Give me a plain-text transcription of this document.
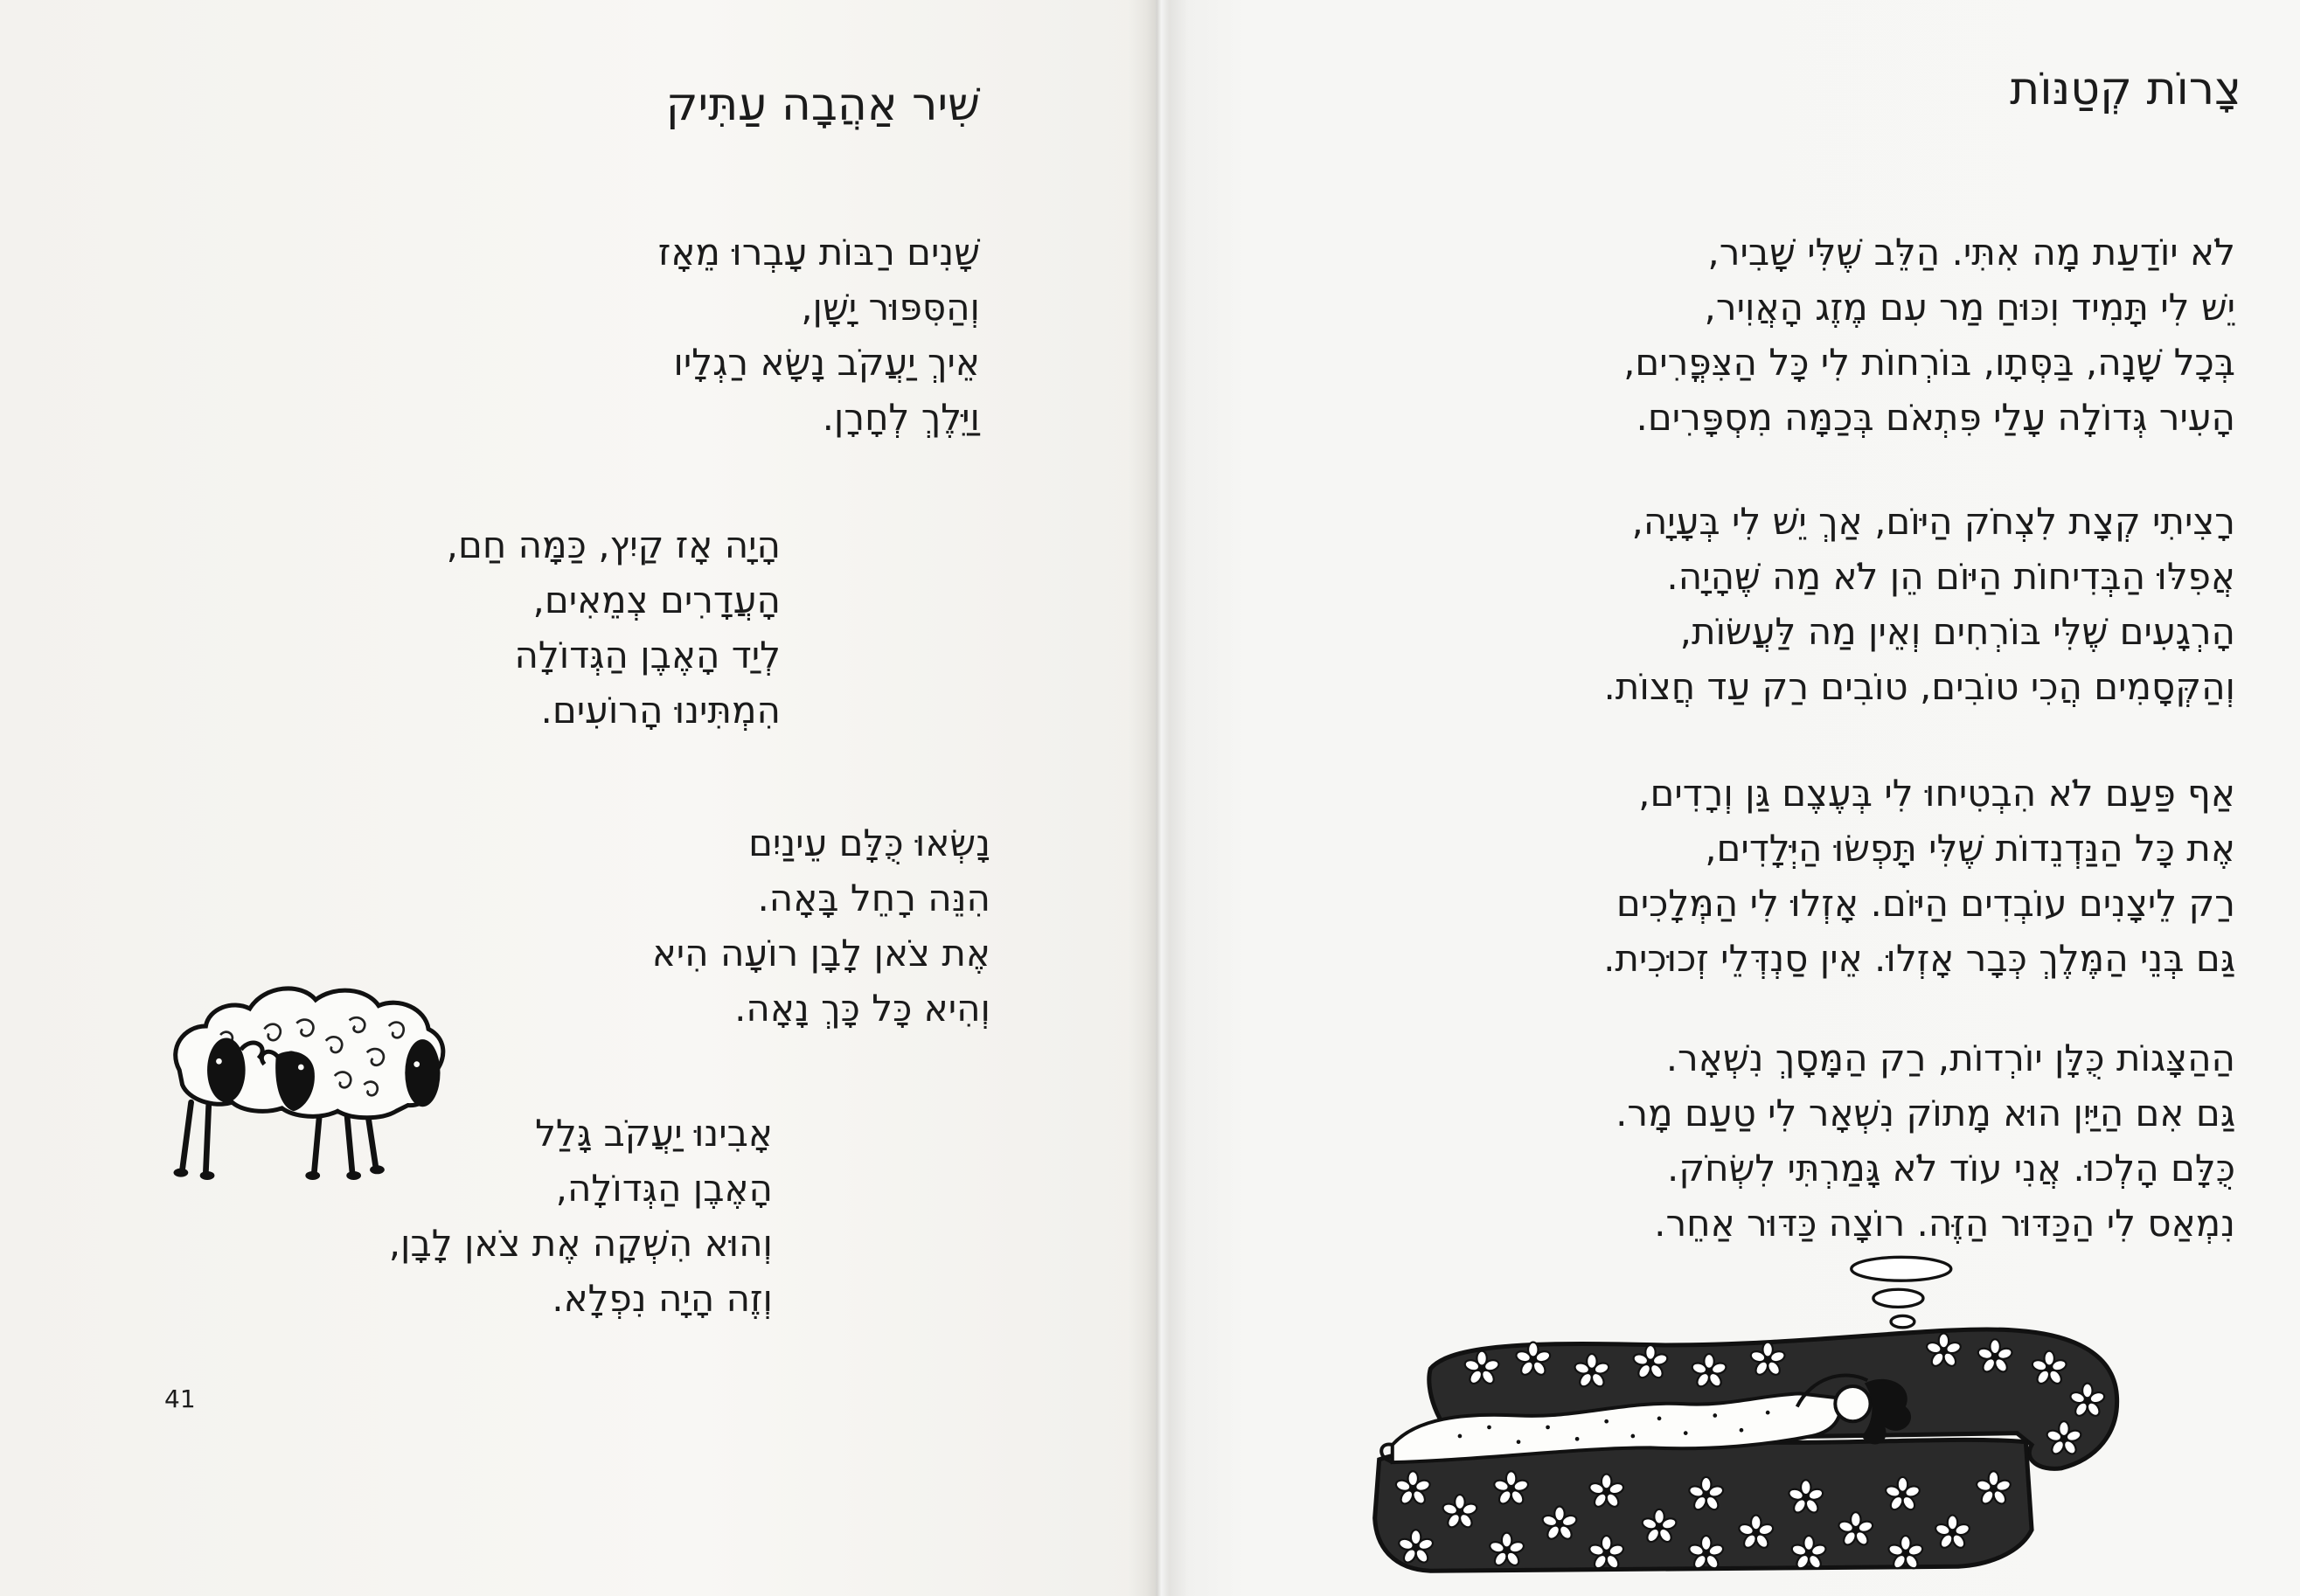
שִׁיר אַהֲבָה עַתִּיק
שָׁנִים רַבּוֹת עָבְרוּ מֵאָז
וְהַסִּפּוּר יָשָׁן,
אֵיךְ יַעֲקֹב נָשָׂא רַגְלָיו
וַיֵּלֶךְ לְחָרָן.
הָיָה אָז קַיִץ, כַּמָּה חַם,
הָעֲדָרִים צְמֵאִים,
לְיַד הָאֶבֶן הַגְּדוֹלָה
הִמְתִּינוּ הָרוֹעִים.
נָשְׂאוּ כֻּלָּם עֵינַיִם
הִנֵּה רָחֵל בָּאָה.
אֶת צֹאן לָבָן רוֹעָה הִיא
וְהִיא כָּל כָּךְ נָאָה.
אָבִינוּ יַעֲקֹב גָּלַל
הָאֶבֶן הַגְּדוֹלָה,
וְהוּא הִשְׁקָה אֶת צֹאן לָבָן,
וְזֶה הָיָה נִפְלָא.
41
צָרוֹת קְטַנּוֹת
לֹא יוֹדַעַת מָה אִתִּי. הַלֵּב שֶׁלִּי שָׁבִיר,
יֵשׁ לִי תָּמִיד וִכּוּחַ מַר עִם מֶזֶג הָאֲוִיר,
בְּכָל שָׁנָה, בַּסְּתָו, בּוֹרְחוֹת לִי כָּל הַצִּפֳּרִים,
הָעִיר גְּדוֹלָה עָלַי פִּתְאֹם בְּכַמָּה מִסְפָּרִים.
רָצִיתִי קְצָת לִצְחֹק הַיּוֹם, אַךְ יֵשׁ לִי בְּעָיָה,
אֲפִלּוּ הַבְּדִיחוֹת הַיּוֹם הֵן לֹא מַה שֶּׁהָיָה.
הָרְגָעִים שֶׁלִּי בּוֹרְחִים וְאֵין מַה לַּעֲשׂוֹת,
וְהַקְּסָמִים הֲכִי טוֹבִים, טוֹבִים רַק עַד חֲצוֹת.
אַף פַּעַם לֹא הִבְטִיחוּ לִי בְּעֶצֶם גַּן וְרָדִים,
אֶת כָּל הַנַּדְנֵדוֹת שֶׁלִּי תָּפְשׂוּ הַיְּלָדִים,
רַק לֵיצָנִים עוֹבְדִים הַיּוֹם. אָזְלוּ לִי הַמְּלָכִים
גַּם בְּנֵי הַמֶּלֶךְ כְּבָר אָזְלוּ. אֵין סַנְדְּלֵי זְכוּכִית.
הַהַצָּגוֹת כֻּלָּן יוֹרְדוֹת, רַק הַמָּסָךְ נִשְׁאָר.
גַּם אִם הַיַּיִן הוּא מָתוֹק נִשְׁאָר לִי טַעַם מָר.
כֻּלָּם הָלְכוּ. אֲנִי עוֹד לֹא גָּמַרְתִּי לִשְׂחֹק.
נִמְאַס לִי הַכַּדּוּר הַזֶּה. רוֹצָה כַּדּוּר אַחֵר.
